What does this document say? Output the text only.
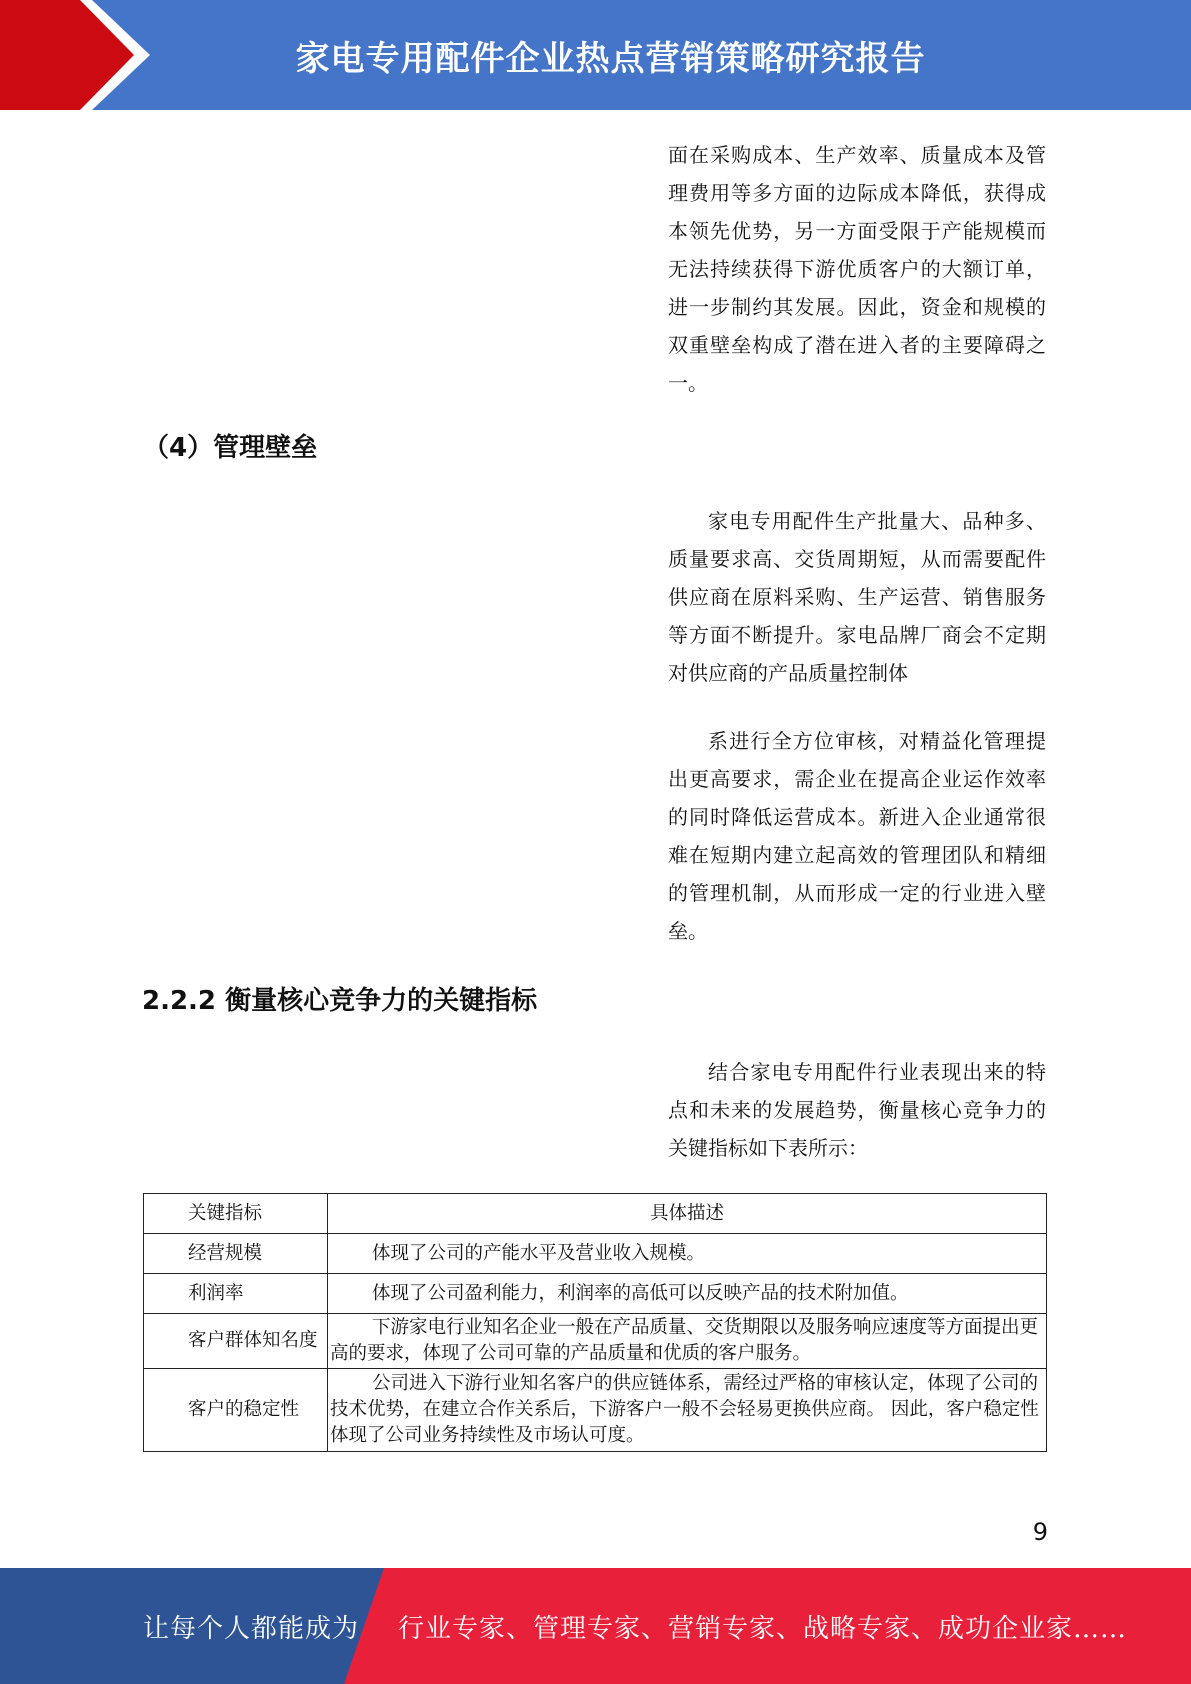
家电专用配件企业热点营销策略研究报告

面在采购成本、生产效率、质量成本及管理费用等多方面的边际成本降低，获得成本领先优势，另一方面受限于产能规模而无法持续获得下游优质客户的大额订单，进一步制约其发展。因此，资金和规模的双重壁垒构成了潜在进入者的主要障碍之一。

（4）管理壁垒

家电专用配件生产批量大、品种多、质量要求高、交货周期短，从而需要配件供应商在原料采购、生产运营、销售服务等方面不断提升。家电品牌厂商会不定期对供应商的产品质量控制体

系进行全方位审核，对精益化管理提出更高要求，需企业在提高企业运作效率的同时降低运营成本。新进入企业通常很难在短期内建立起高效的管理团队和精细的管理机制，从而形成一定的行业进入壁垒。

2.2.2 衡量核心竞争力的关键指标

结合家电专用配件行业表现出来的特点和未来的发展趋势，衡量核心竞争力的关键指标如下表所示：

关键指标	具体描述
经营规模	体现了公司的产能水平及营业收入规模。
利润率	体现了公司盈利能力，利润率的高低可以反映产品的技术附加值。
客户群体知名度	下游家电行业知名企业一般在产品质量、交货期限以及服务响应速度等方面提出更高的要求，体现了公司可靠的产品质量和优质的客户服务。
客户的稳定性	公司进入下游行业知名客户的供应链体系，需经过严格的审核认定，体现了公司的技术优势，在建立合作关系后，下游客户一般不会轻易更换供应商。 因此，客户稳定性体现了公司业务持续性及市场认可度。
9
让每个人都能成为 行业专家、管理专家、营销专家、战略专家、成功企业家……
